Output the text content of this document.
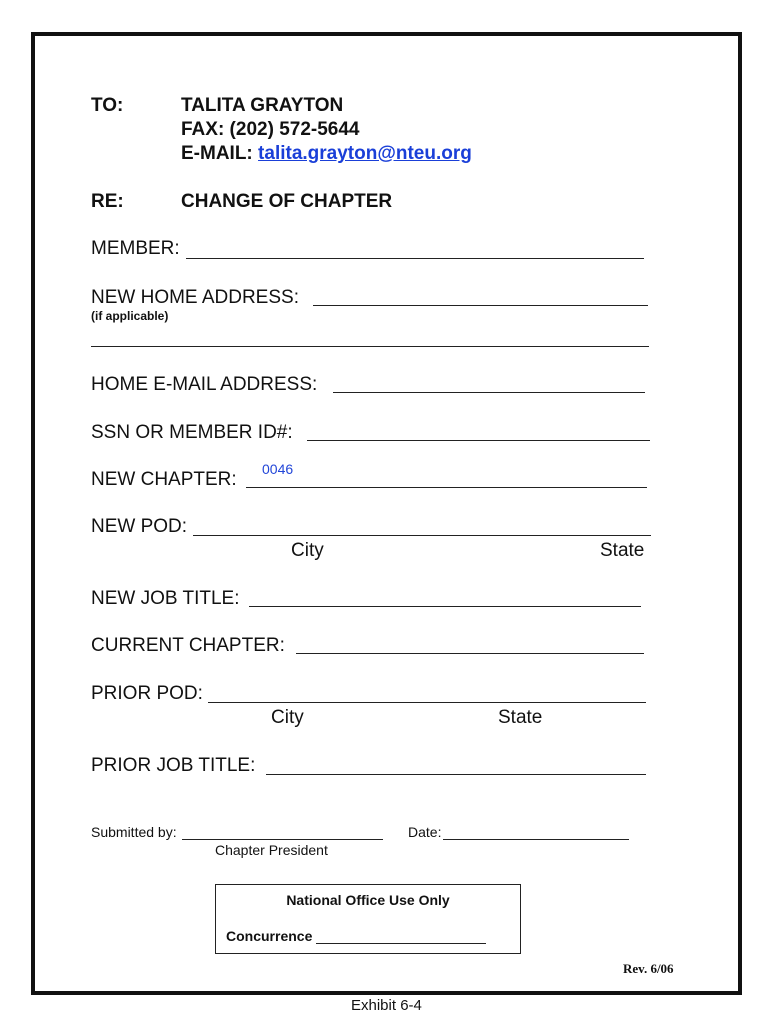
TO:	TALITA GRAYTON
FAX: (202) 572-5644
E-MAIL: talita.grayton@nteu.org
RE:	CHANGE OF CHAPTER
MEMBER:
NEW HOME ADDRESS:
(if applicable)
HOME E-MAIL ADDRESS:
SSN OR MEMBER ID#:
NEW CHAPTER: 0046
NEW POD:
City	State
NEW JOB TITLE:
CURRENT CHAPTER:
PRIOR POD:
City	State
PRIOR JOB TITLE:
Submitted by:
Chapter President
Date:
National Office Use Only
Concurrence
Rev. 6/06
Exhibit 6-4
